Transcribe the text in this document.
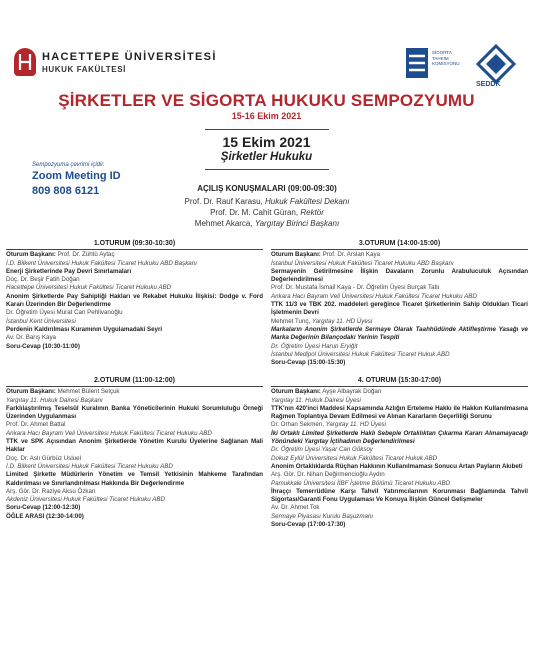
HACETTEPE ÜNİVERSİTESİ
HUKUK FAKÜLTESİ
SİGORTA
TAHKİM
KOMİSYONU
SEDDK
ŞİRKETLER VE SİGORTA HUKUKU SEMPOZYUMU
15-16 Ekim 2021
15 Ekim 2021
Şirketler Hukuku
Sempozyuma çevrimi içidir.
Zoom Meeting ID
809 808 6121	AÇILIŞ KONUŞMALARI (09:00-09:30)
Prof. Dr. Rauf Karasu, Hukuk Fakültesi Dekanı
Prof. Dr. M. Cahit Güran, Rektör
Mehmet Akarca, Yargıtay Birinci Başkanı
1.OTURUM (09:30-10:30)
Oturum Başkanı: Prof. Dr. Zühtü Aytaç
İ.D. Bilkent Üniversitesi Hukuk Fakültesi Ticaret Hukuku ABD Başkanı
Enerji Şirketlerinde Pay Devri Sınırlamaları
Doç. Dr. Beşir Fatih Doğan
Hacettepe Üniversitesi Hukuk Fakültesi Ticaret Hukuku ABD
Anonim Şirketlerde Pay Sahipliği Hakları ve Rekabet Hukuku İlişkisi: Dodge v. Ford Kararı Üzerinden Bir Değerlendirme
Dr. Öğretim Üyesi Murat Can Pehlivanoğlu
İstanbul Kent Üniversitesi
Perdenin Kaldırılması Kuramının Uygulamadaki Seyri
Av. Dr. Barış Kaya
Soru-Cevap (10:30-11:00)
2.OTURUM (11:00-12:00)
Oturum Başkanı: Mehmet Bülent Selçuk
Yargıtay 11. Hukuk Dairesi Başkanı
Farklılaştırılmış Teselsül Kuralının Banka Yöneticilerinin Hukuki Sorumluluğu Örneği Üzerinden Uygulanması
Prof. Dr. Ahmet Battal
Ankara Hacı Bayram Veli Üniversitesi Hukuk Fakültesi Ticaret Hukuku ABD
TTK ve SPK Açısından Anonim Şirketlerde Yönetim Kurulu Üyelerine Sağlanan Mali Haklar
Doç. Dr. Aslı Gürbüz Usluel
İ.D. Bilkent Üniversitesi Hukuk Fakültesi Ticaret Hukuku ABD
Limited Şirkette Müdürlerin Yönetim ve Temsil Yetkisinin Mahkeme Tarafından Kaldırılması ve Sınırlandırılması Hakkında Bir Değerlendirme
Arş. Gör. Dr. Raziye Aksu Özkan
Akdeniz Üniversitesi Hukuk Fakültesi Ticaret Hukuku ABD
Soru-Cevap (12:00-12:30)
ÖĞLE ARASI (12:30-14:00)
3.OTURUM (14:00-15:00)
Oturum Başkanı: Prof. Dr. Arslan Kaya
İstanbul Üniversitesi Hukuk Fakültesi Ticaret Hukuku ABD Başkanı
Sermayenin Getirilmesine İlişkin Davaların Zorunlu Arabuluculuk Açısından Değerlendirilmesi
Prof. Dr. Mustafa İsmail Kaya - Dr. Öğretim Üyesi Burçak Tatlı
Ankara Hacı Bayram Veli Üniversitesi Hukuk Fakültesi Ticaret Hukuku ABD
TTK 11/3 ve TBK 202. maddeleri gereğince Ticaret Şirketlerinin Sahip Oldukları Ticari İşletmenin Devri
Mehmet Tunç, Yargıtay 11. HD Üyesi
Markaların Anonim Şirketlerde Sermaye Olarak Taahhüdünde Aktifleştirme Yasağı ve Marka Değerinin Bilançodaki Yerinin Tespiti
Dr. Öğretim Üyesi Harun Eryiğit
İstanbul Medipol Üniversitesi Hukuk Fakültesi Ticaret Hukuk ABD
Soru-Cevap (15:00-15:30)
4. OTURUM (15:30-17:00)
Oturum Başkanı: Ayşe Albayrak Doğan
Yargıtay 11. Hukuk Dairesi Üyesi
TTK'nın 420'inci Maddesi Kapsamında Azlığın Erteleme Hakkı ile Hakkın Kullanılmasına Rağmen Toplantıya Devam Edilmesi ve Alınan Kararların Geçerliliği Sorunu
Dr. Orhan Sekmen, Yargıtay 11. HD Üyesi
İki Ortaklı Limited Şirketlerde Haklı Sebeple Ortaklıktan Çıkarma Kararı Alınamayacağı Yönündeki Yargıtay İçtihadının Değerlendirilmesi
Dr. Öğretim Üyesi Yaşar Can Göksoy
Dokuz Eylül Üniversitesi Hukuk Fakültesi Ticaret Hukuk ABD
Anonim Ortaklıklarda Rüçhan Hakkının Kullanılmaması Sonucu Artan Payların Akıbeti
Arş. Gör. Dr. Nihan Değirmencioğlu Aydın
Pamukkale Üniversitesi İİBF İşletme Bölümü Ticaret Hukuku ABD
İhraççı Temerrüdüne Karşı Tahvil Yatırımcılarının Korunması Bağlamında Tahvil Sigortası/Garanti Fonu Uygulaması Ve Konuya İlişkin Güncel Gelişmeler
Av. Dr. Ahmet Tok
Sermaye Piyasası Kurulu Başuzmanı
Soru-Cevap (17:00-17:30)
